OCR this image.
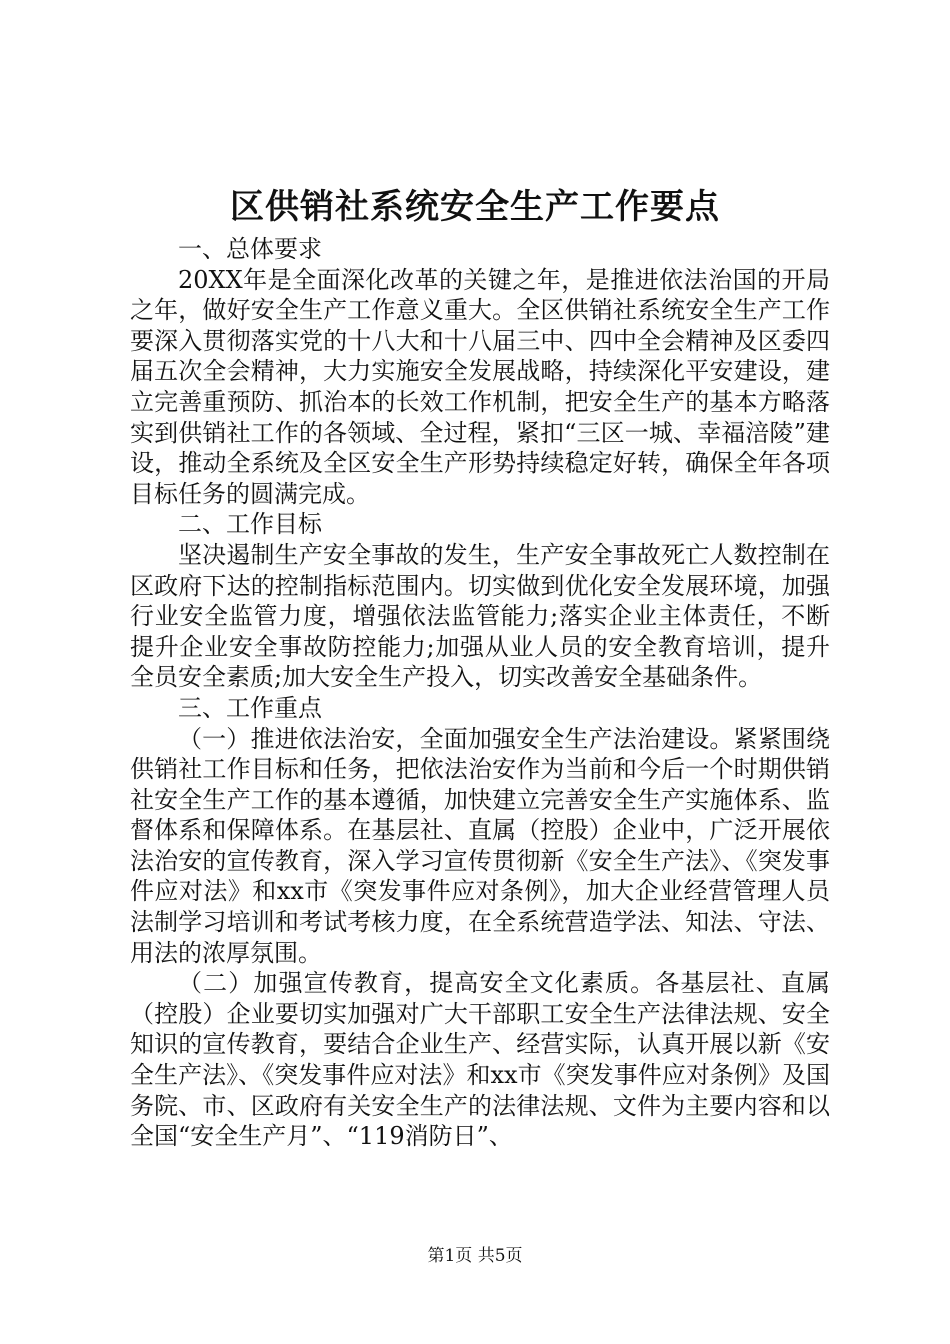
区供销社系统安全生产工作要点

一、总体要求

20XX年是全面深化改革的关键之年，是推进依法治国的开局之年，做好安全生产工作意义重大。全区供销社系统安全生产工作要深入贯彻落实党的十八大和十八届三中、四中全会精神及区委四届五次全会精神，大力实施安全发展战略，持续深化平安建设，建立完善重预防、抓治本的长效工作机制，把安全生产的基本方略落实到供销社工作的各领域、全过程，紧扣“三区一城、幸福涪陵”建设，推动全系统及全区安全生产形势持续稳定好转，确保全年各项目标任务的圆满完成。

二、工作目标

坚决遏制生产安全事故的发生，生产安全事故死亡人数控制在区政府下达的控制指标范围内。切实做到优化安全发展环境，加强行业安全监管力度，增强依法监管能力;落实企业主体责任，不断提升企业安全事故防控能力;加强从业人员的安全教育培训，提升全员安全素质;加大安全生产投入，切实改善安全基础条件。

三、工作重点

（一）推进依法治安，全面加强安全生产法治建设。紧紧围绕供销社工作目标和任务，把依法治安作为当前和今后一个时期供销社安全生产工作的基本遵循，加快建立完善安全生产实施体系、监督体系和保障体系。在基层社、直属（控股）企业中，广泛开展依法治安的宣传教育，深入学习宣传贯彻新《安全生产法》、《突发事件应对法》和xx市《突发事件应对条例》，加大企业经营管理人员法制学习培训和考试考核力度，在全系统营造学法、知法、守法、用法的浓厚氛围。

（二）加强宣传教育，提高安全文化素质。各基层社、直属（控股）企业要切实加强对广大干部职工安全生产法律法规、安全知识的宣传教育，要结合企业生产、经营实际，认真开展以新《安全生产法》、《突发事件应对法》和xx市《突发事件应对条例》及国务院、市、区政府有关安全生产的法律法规、文件为主要内容和以全国“安全生产月”、“119消防日”、

第1页 共5页
